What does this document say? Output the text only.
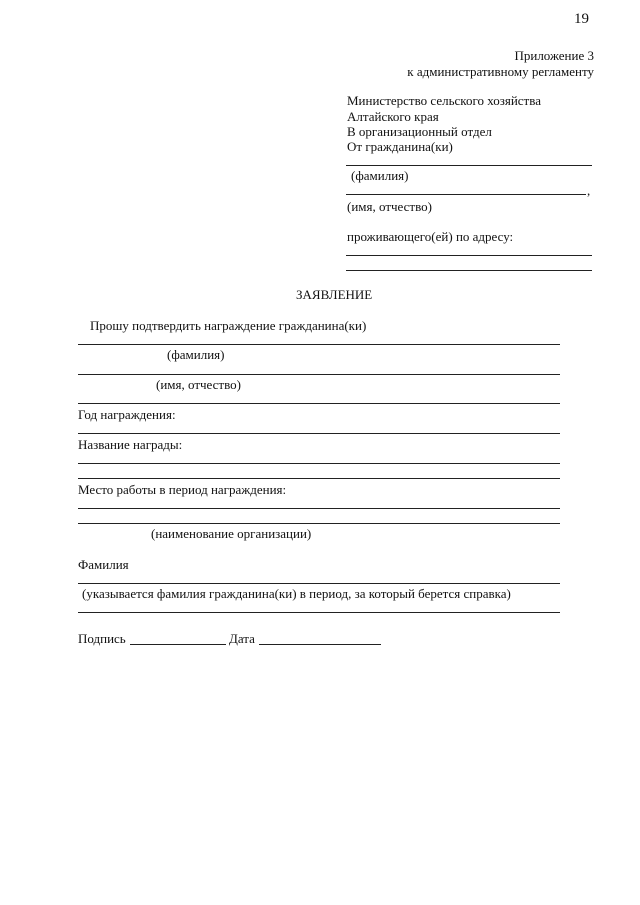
19
Приложение 3
к административному регламенту
Министерство сельского хозяйства
Алтайского края
В организационный отдел
От гражданина(ки)
(фамилия)
,
(имя, отчество)
проживающего(ей) по адресу:
ЗАЯВЛЕНИЕ
Прошу подтвердить награждение гражданина(ки)
(фамилия)
(имя, отчество)
Год награждения:
Название награды:
Место работы в период награждения:
(наименование организации)
Фамилия
(указывается фамилия гражданина(ки) в период, за который берется справка)
Подпись	Дата
